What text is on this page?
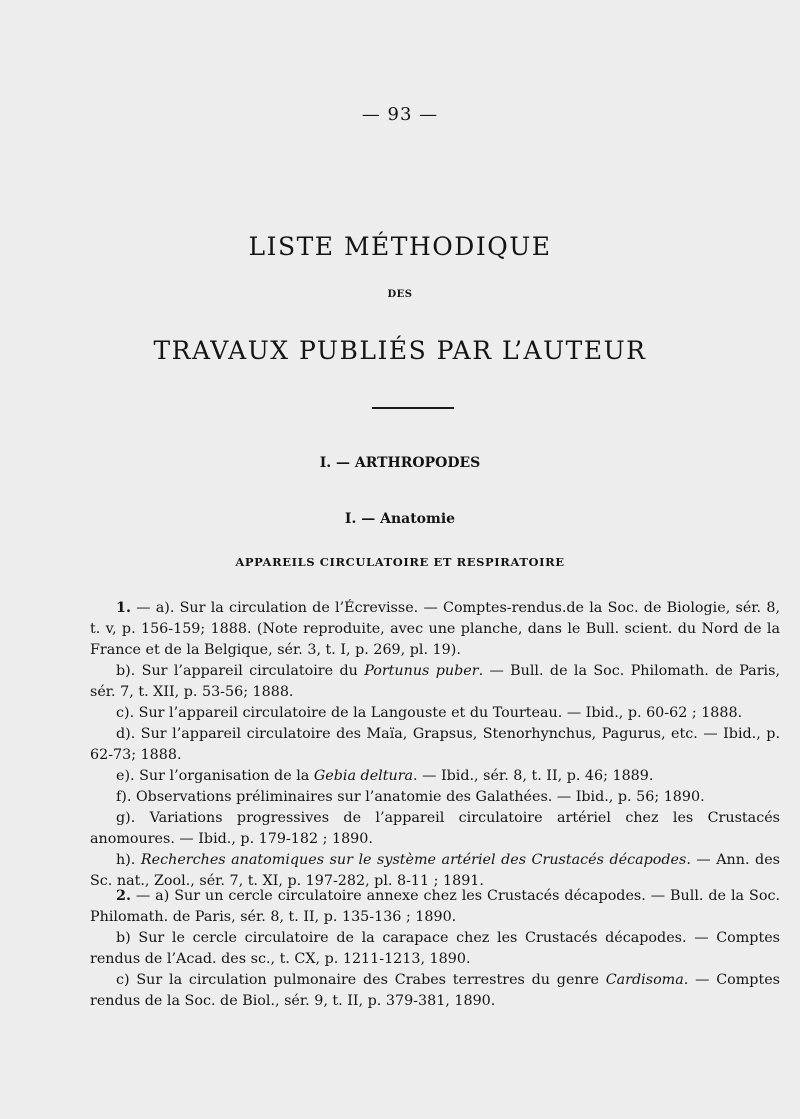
— 93 —
LISTE MÉTHODIQUE
DES
TRAVAUX PUBLIÉS PAR L’AUTEUR
I. — ARTHROPODES
I. — Anatomie
APPAREILS CIRCULATOIRE ET RESPIRATOIRE

1. — a). Sur la circulation de l’Écrevisse. — Comptes-rendus.de la Soc. de Biologie, sér. 8, t. v, p. 156-159; 1888. (Note reproduite, avec une planche, dans le Bull. scient. du Nord de la France et de la Belgique, sér. 3, t. I, p. 269, pl. 19).

b). Sur l’appareil circulatoire du Portunus puber. — Bull. de la Soc. Philomath. de Paris, sér. 7, t. XII, p. 53-56; 1888.

c). Sur l’appareil circulatoire de la Langouste et du Tourteau. — Ibid., p. 60-62 ; 1888.

d). Sur l’appareil circulatoire des Maïa, Grapsus, Stenorhynchus, Pagurus, etc. — Ibid., p. 62-73; 1888.

e). Sur l’organisation de la Gebia deltura. — Ibid., sér. 8, t. II, p. 46; 1889.

f). Observations préliminaires sur l’anatomie des Galathées. — Ibid., p. 56; 1890.

g). Variations progressives de l’appareil circulatoire artériel chez les Crustacés anomoures. — Ibid., p. 179-182 ; 1890.

h). Recherches anatomiques sur le système artériel des Crustacés décapodes. — Ann. des Sc. nat., Zool., sér. 7, t. XI, p. 197-282, pl. 8-11 ; 1891.

2. — a) Sur un cercle circulatoire annexe chez les Crustacés décapodes. — Bull. de la Soc. Philomath. de Paris, sér. 8, t. II, p. 135-136 ; 1890.

b) Sur le cercle circulatoire de la carapace chez les Crustacés décapodes. — Comptes rendus de l’Acad. des sc., t. CX, p. 1211-1213, 1890.

c) Sur la circulation pulmonaire des Crabes terrestres du genre Cardisoma. — Comptes rendus de la Soc. de Biol., sér. 9, t. II, p. 379-381, 1890.
